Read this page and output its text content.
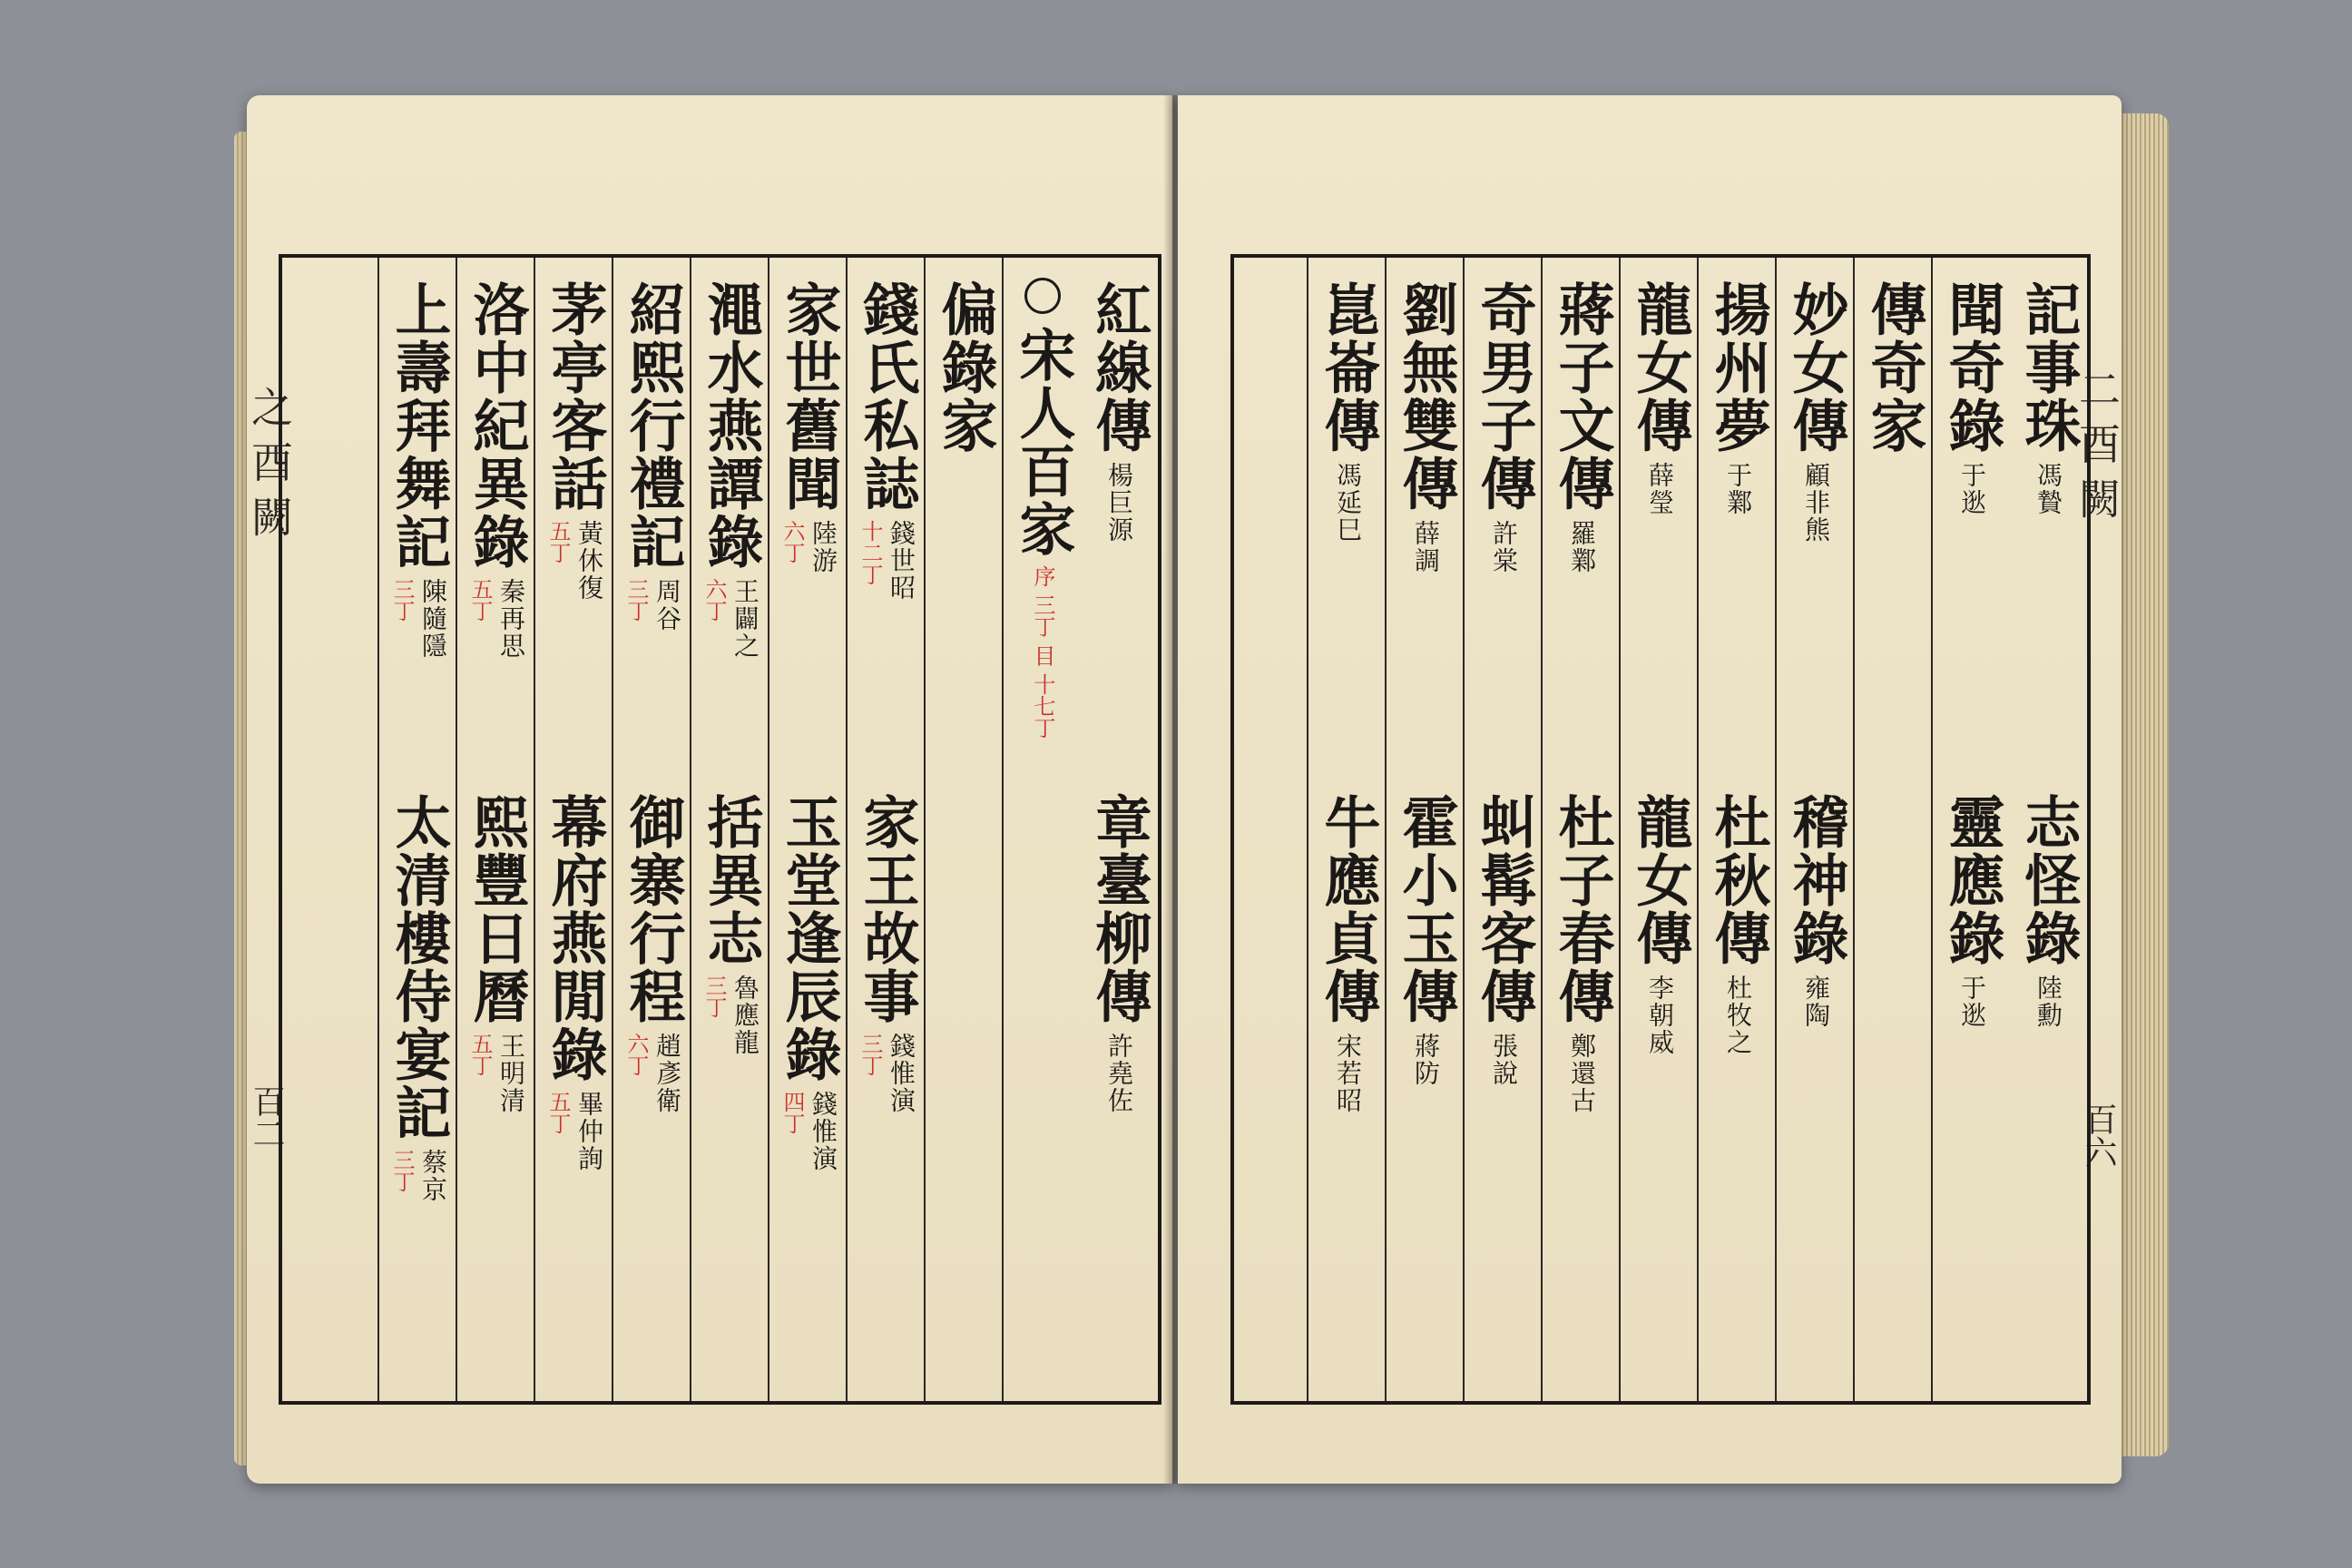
之 酉 闕
百二
紅線傳
楊巨源
章臺柳傳
許堯佐
宋人百家
序 三丁 目 十七丁
偏錄家
錢氏私誌
錢世昭
十二丁
家王故事
錢惟演
三丁
家世舊聞
陸游
六丁
玉堂逢辰錄
錢惟演
四丁
澠水燕譚錄
王闢之
六丁
括異志
魯應龍
三丁
紹熙行禮記
周谷
三丁
御寨行程
趙彥衛
六丁
茅亭客話
黃休復
五丁
幕府燕閒錄
畢仲詢
五丁
洛中紀異錄
秦再思
五丁
熙豐日曆
王明清
五丁
上壽拜舞記
陳隨隱
三丁
太清樓侍宴記
蔡京
三丁
二 酉 闕
百六
記事珠
馮贄
志怪錄
陸勳
聞奇錄
于逖
靈應錄
于逖
傳奇家
妙女傳
顧非熊
稽神錄
雍陶
揚州夢
于鄴
杜秋傳
杜牧之
龍女傳
薛瑩
龍女傳
李朝威
蔣子文傳
羅鄴
杜子春傳
鄭還古
奇男子傳
許棠
虯髯客傳
張說
劉無雙傳
薛調
霍小玉傳
蔣防
崑崙傳
馮延巳
牛應貞傳
宋若昭
